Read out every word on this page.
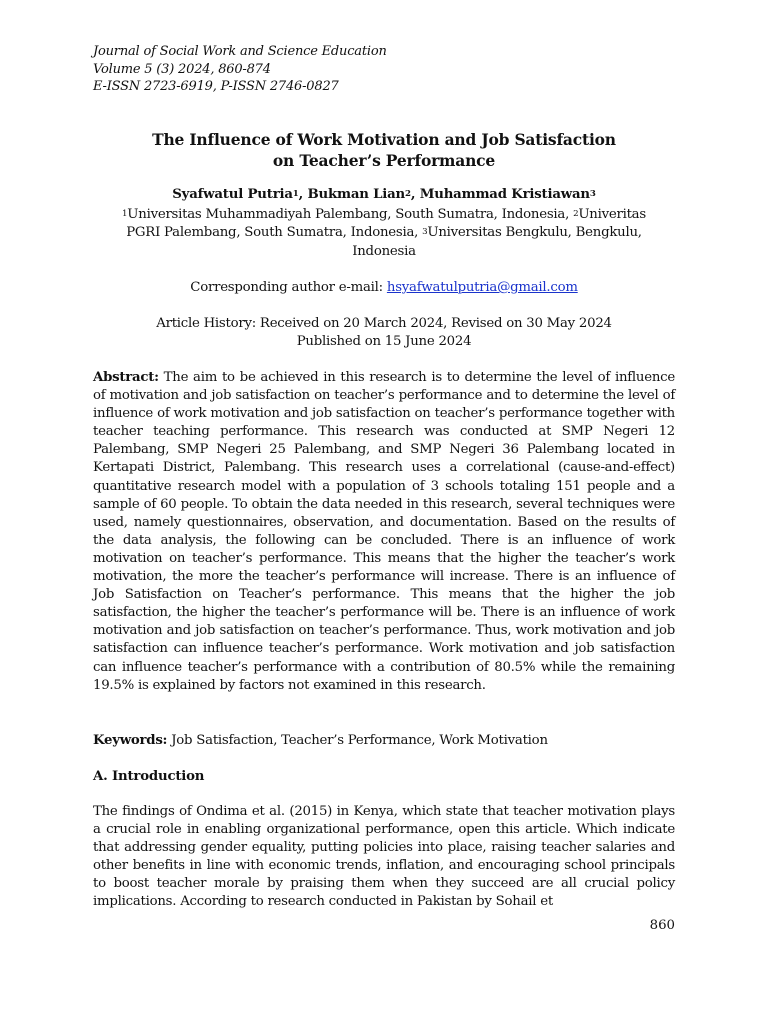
Journal of Social Work and Science Education
Volume 5 (3) 2024, 860-874
E-ISSN 2723-6919, P-ISSN 2746-0827
The Influence of Work Motivation and Job Satisfaction
on Teacher’s Performance
Syafwatul Putria$^1$, Bukman Lian$^2$, Muhammad Kristiawan$^3$
$^1$Universitas Muhammadiyah Palembang, South Sumatra, Indonesia, $^2$Univeritas
PGRI Palembang, South Sumatra, Indonesia, $^3$Universitas Bengkulu, Bengkulu,
Indonesia
Corresponding author e-mail: hsyafwatulputria@gmail.com
Article History: Received on 20 March 2024, Revised on 30 May 2024
Published on 15 June 2024
Abstract: The aim to be achieved in this research is to determine the level of influence of motivation and job satisfaction on teacher’s performance and to determine the level of influence of work motivation and job satisfaction on teacher’s performance together with teacher teaching performance. This research was conducted at SMP Negeri 12 Palembang, SMP Negeri 25 Palembang, and SMP Negeri 36 Palembang located in Kertapati District, Palembang. This research uses a correlational (cause-and-effect) quantitative research model with a population of 3 schools totaling 151 people and a sample of 60 people. To obtain the data needed in this research, several techniques were used, namely questionnaires, observation, and documentation. Based on the results of the data analysis, the following can be concluded. There is an influence of work motivation on teacher’s performance. This means that the higher the teacher’s work motivation, the more the teacher’s performance will increase. There is an influence of Job Satisfaction on Teacher’s performance. This means that the higher the job satisfaction, the higher the teacher’s performance will be. There is an influence of work motivation and job satisfaction on teacher’s performance. Thus, work motivation and job satisfaction can influence teacher’s performance. Work motivation and job satisfaction can influence teacher’s performance with a contribution of 80.5% while the remaining 19.5% is explained by factors not examined in this research.
Keywords: Job Satisfaction, Teacher’s Performance, Work Motivation
A. Introduction
The findings of Ondima et al. (2015) in Kenya, which state that teacher motivation plays a crucial role in enabling organizational performance, open this article. Which indicate that addressing gender equality, putting policies into place, raising teacher salaries and other benefits in line with economic trends, inflation, and encouraging school principals to boost teacher morale by praising them when they succeed are all crucial policy implications. According to research conducted in Pakistan by Sohail et
860
